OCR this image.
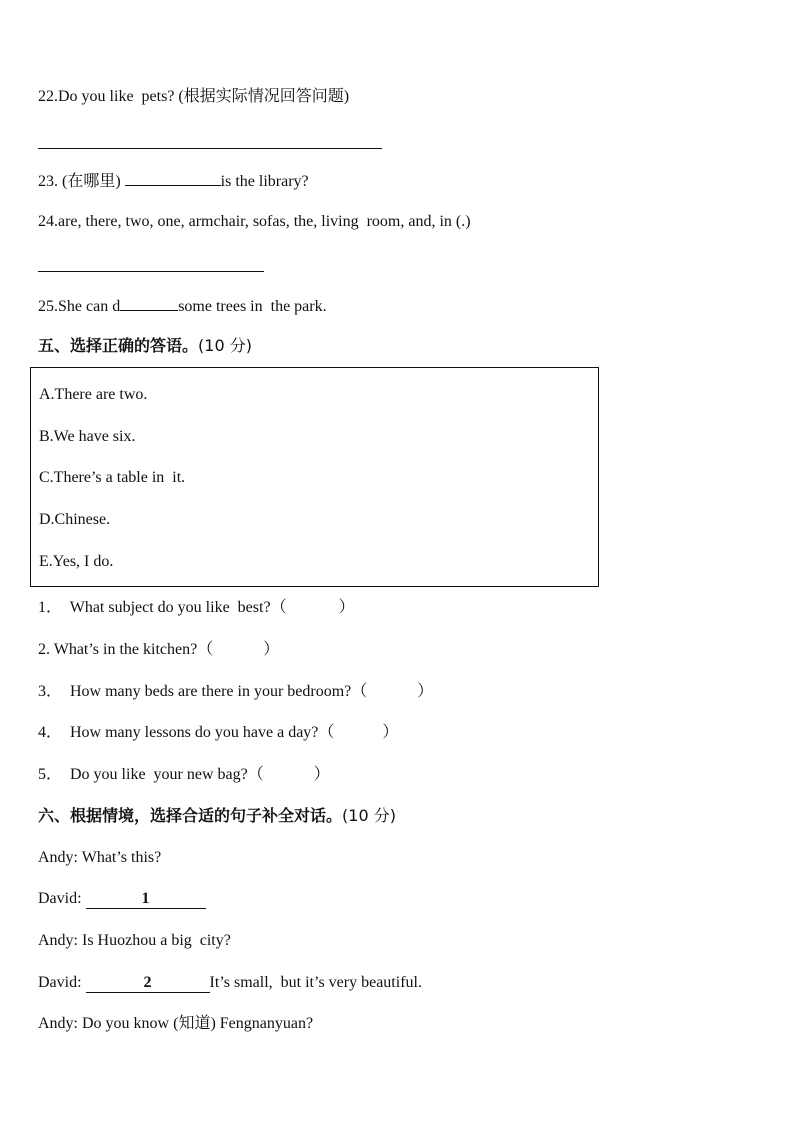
22.Do you like  pets? (根据实际情况回答问题)
23. (在哪里)	is the library?
24.are, there, two, one, armchair, sofas, the, living  room, and, in (.)
25.She can d	some trees in  the park.
五、选择正确的答语。(10 分)
A.There are two.
B.We have six.
C.There’s a table in  it.
D.Chinese.
E.Yes, I do.
1．  What subject do you like  best?（	）
2. What’s in the kitchen?（	）
3．  How many beds are there in your bedroom?（	）
4．  How many lessons do you have a day?（	）
5．  Do you like  your new bag?（	）
六、根据情境，选择合适的句子补全对话。(10 分)
Andy: What’s this?
David:	1
Andy: Is Huozhou a big  city?
David:	2	It’s small,  but it’s very beautiful.
Andy: Do you know (知道) Fengnanyuan?
